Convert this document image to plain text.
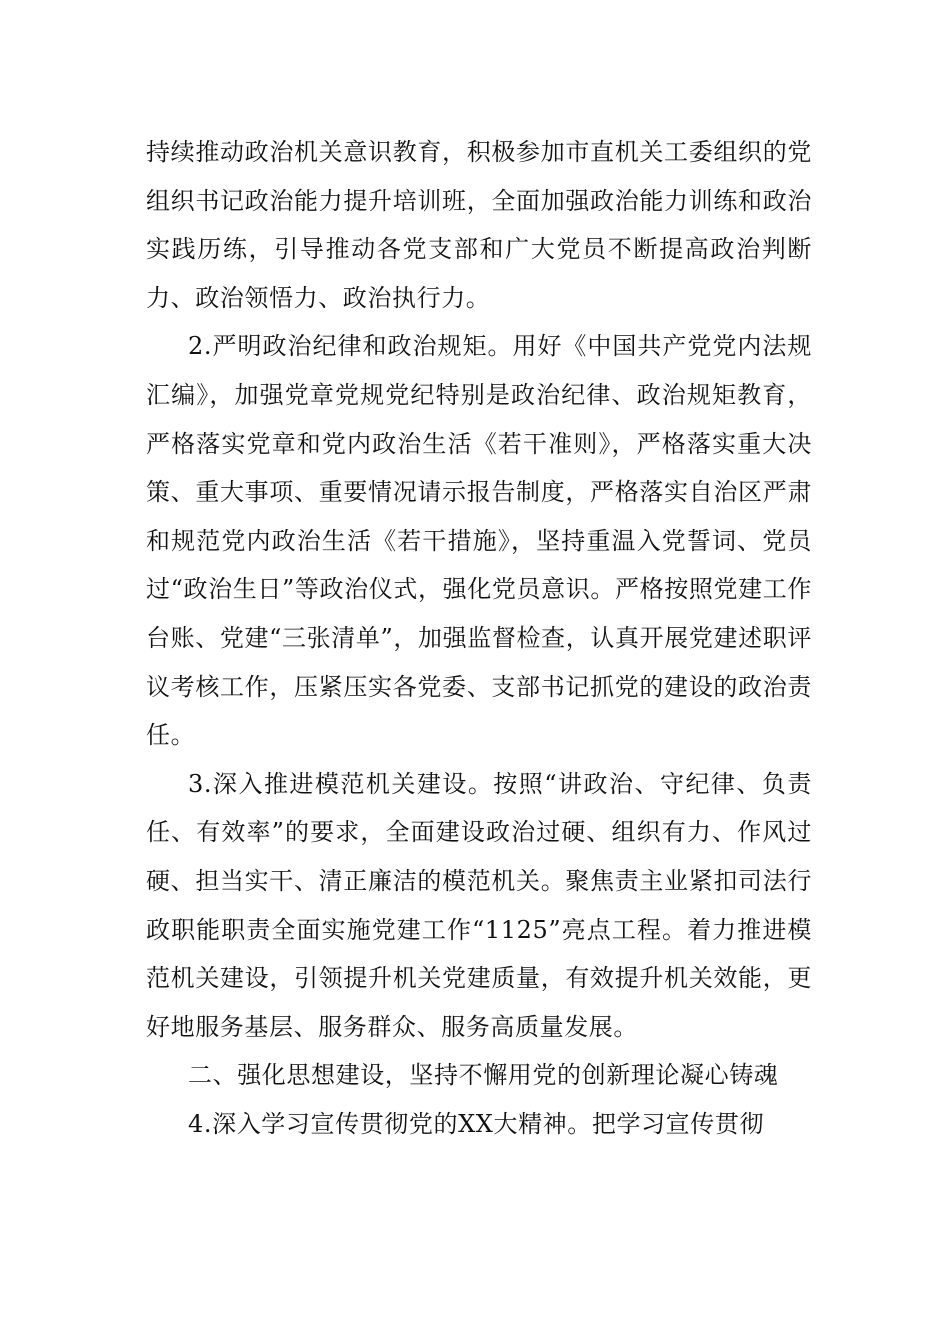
持续推动政治机关意识教育，积极参加市直机关工委组织的党组织书记政治能力提升培训班，全面加强政治能力训练和政治实践历练，引导推动各党支部和广大党员不断提高政治判断力、政治领悟力、政治执行力。

2.严明政治纪律和政治规矩。用好《中国共产党党内法规汇编》，加强党章党规党纪特别是政治纪律、政治规矩教育，严格落实党章和党内政治生活《若干准则》，严格落实重大决策、重大事项、重要情况请示报告制度，严格落实自治区严肃和规范党内政治生活《若干措施》，坚持重温入党誓词、党员过“政治生日”等政治仪式，强化党员意识。严格按照党建工作台账、党建“三张清单”，加强监督检查，认真开展党建述职评议考核工作，压紧压实各党委、支部书记抓党的建设的政治责任。

3.深入推进模范机关建设。按照“讲政治、守纪律、负责任、有效率”的要求，全面建设政治过硬、组织有力、作风过硬、担当实干、清正廉洁的模范机关。聚焦责主业紧扣司法行政职能职责全面实施党建工作“1125”亮点工程。着力推进模范机关建设，引领提升机关党建质量，有效提升机关效能，更好地服务基层、服务群众、服务高质量发展。

二、强化思想建设，坚持不懈用党的创新理论凝心铸魂

4.深入学习宣传贯彻党的XX大精神。把学习宣传贯彻
